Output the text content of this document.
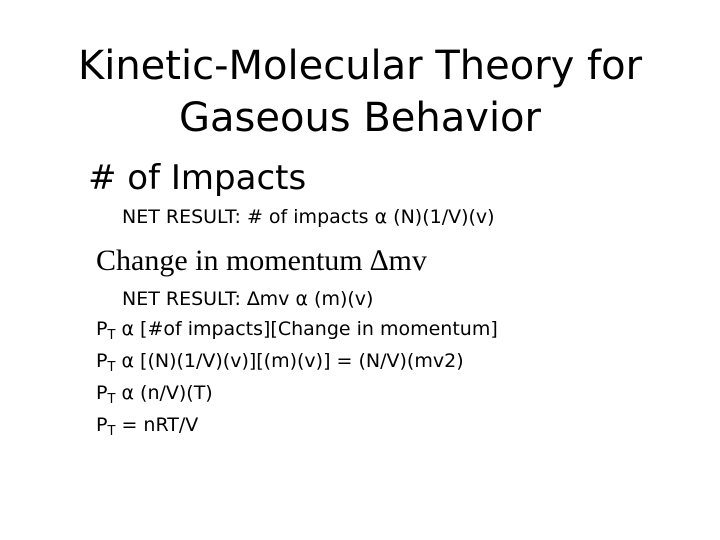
Kinetic-Molecular Theory for
Gaseous Behavior
# of Impacts
NET RESULT: # of impacts α (N)(1/V)(v)
Change in momentum ∆mv
NET RESULT: ∆mv α (m)(v)
$P_T$ α [#of impacts][Change in momentum]
$P_T$ α [(N)(1/V)(v)][(m)(v)] = (N/V)(mv2)
$P_T$ α (n/V)(T)
$P_T = nRT/V$
